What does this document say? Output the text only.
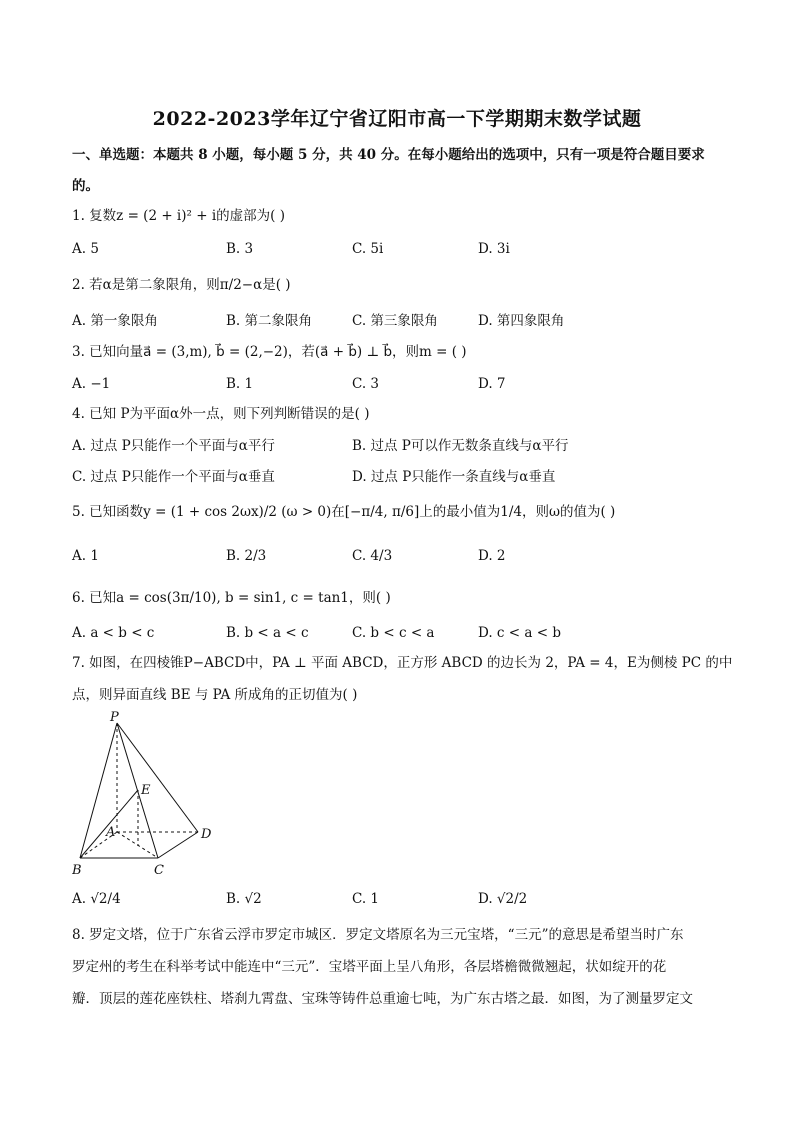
2022-2023学年辽宁省辽阳市高一下学期期末数学试题
一、单选题：本题共 8 小题，每小题 5 分，共 40 分。在每小题给出的选项中，只有一项是符合题目要求
的。
1. 复数z = (2 + i)² + i的虚部为( )
A. 5	B. 3	C. 5i	D. 3i
2. 若α是第二象限角，则π/2−α是( )
A. 第一象限角	B. 第二象限角	C. 第三象限角	D. 第四象限角
3. 已知向量a⃗ = (3,m), b⃗ = (2,−2)，若(a⃗ + b⃗) ⊥ b⃗，则m = ( )
A. −1	B. 1	C. 3	D. 7
4. 已知 P为平面α外一点，则下列判断错误的是( )
A. 过点 P只能作一个平面与α平行	B. 过点 P可以作无数条直线与α平行
C. 过点 P只能作一个平面与α垂直	D. 过点 P只能作一条直线与α垂直
5. 已知函数y = (1 + cos 2ωx)/2 (ω > 0)在[−π/4, π/6]上的最小值为1/4，则ω的值为( )
A. 1	B. 2/3	C. 4/3	D. 2
6. 已知a = cos(3π/10), b = sin1, c = tan1，则( )
A. a < b < c	B. b < a < c	C. b < c < a	D. c < a < b
7. 如图，在四棱锥P−ABCD中，PA ⊥ 平面 ABCD，正方形 ABCD 的边长为 2，PA = 4，E为侧棱 PC 的中
点，则异面直线 BE 与 PA 所成角的正切值为( )
P
E
A
B	C
D
A. √2/4	B. √2	C. 1	D. √2/2
8. 罗定文塔，位于广东省云浮市罗定市城区．罗定文塔原名为三元宝塔，“三元”的意思是希望当时广东
罗定州的考生在科举考试中能连中“三元”．宝塔平面上呈八角形，各层塔檐微微翘起，状如绽开的花
瓣．顶层的莲花座铁柱、塔刹九霄盘、宝珠等铸件总重逾七吨，为广东古塔之最．如图，为了测量罗定文
